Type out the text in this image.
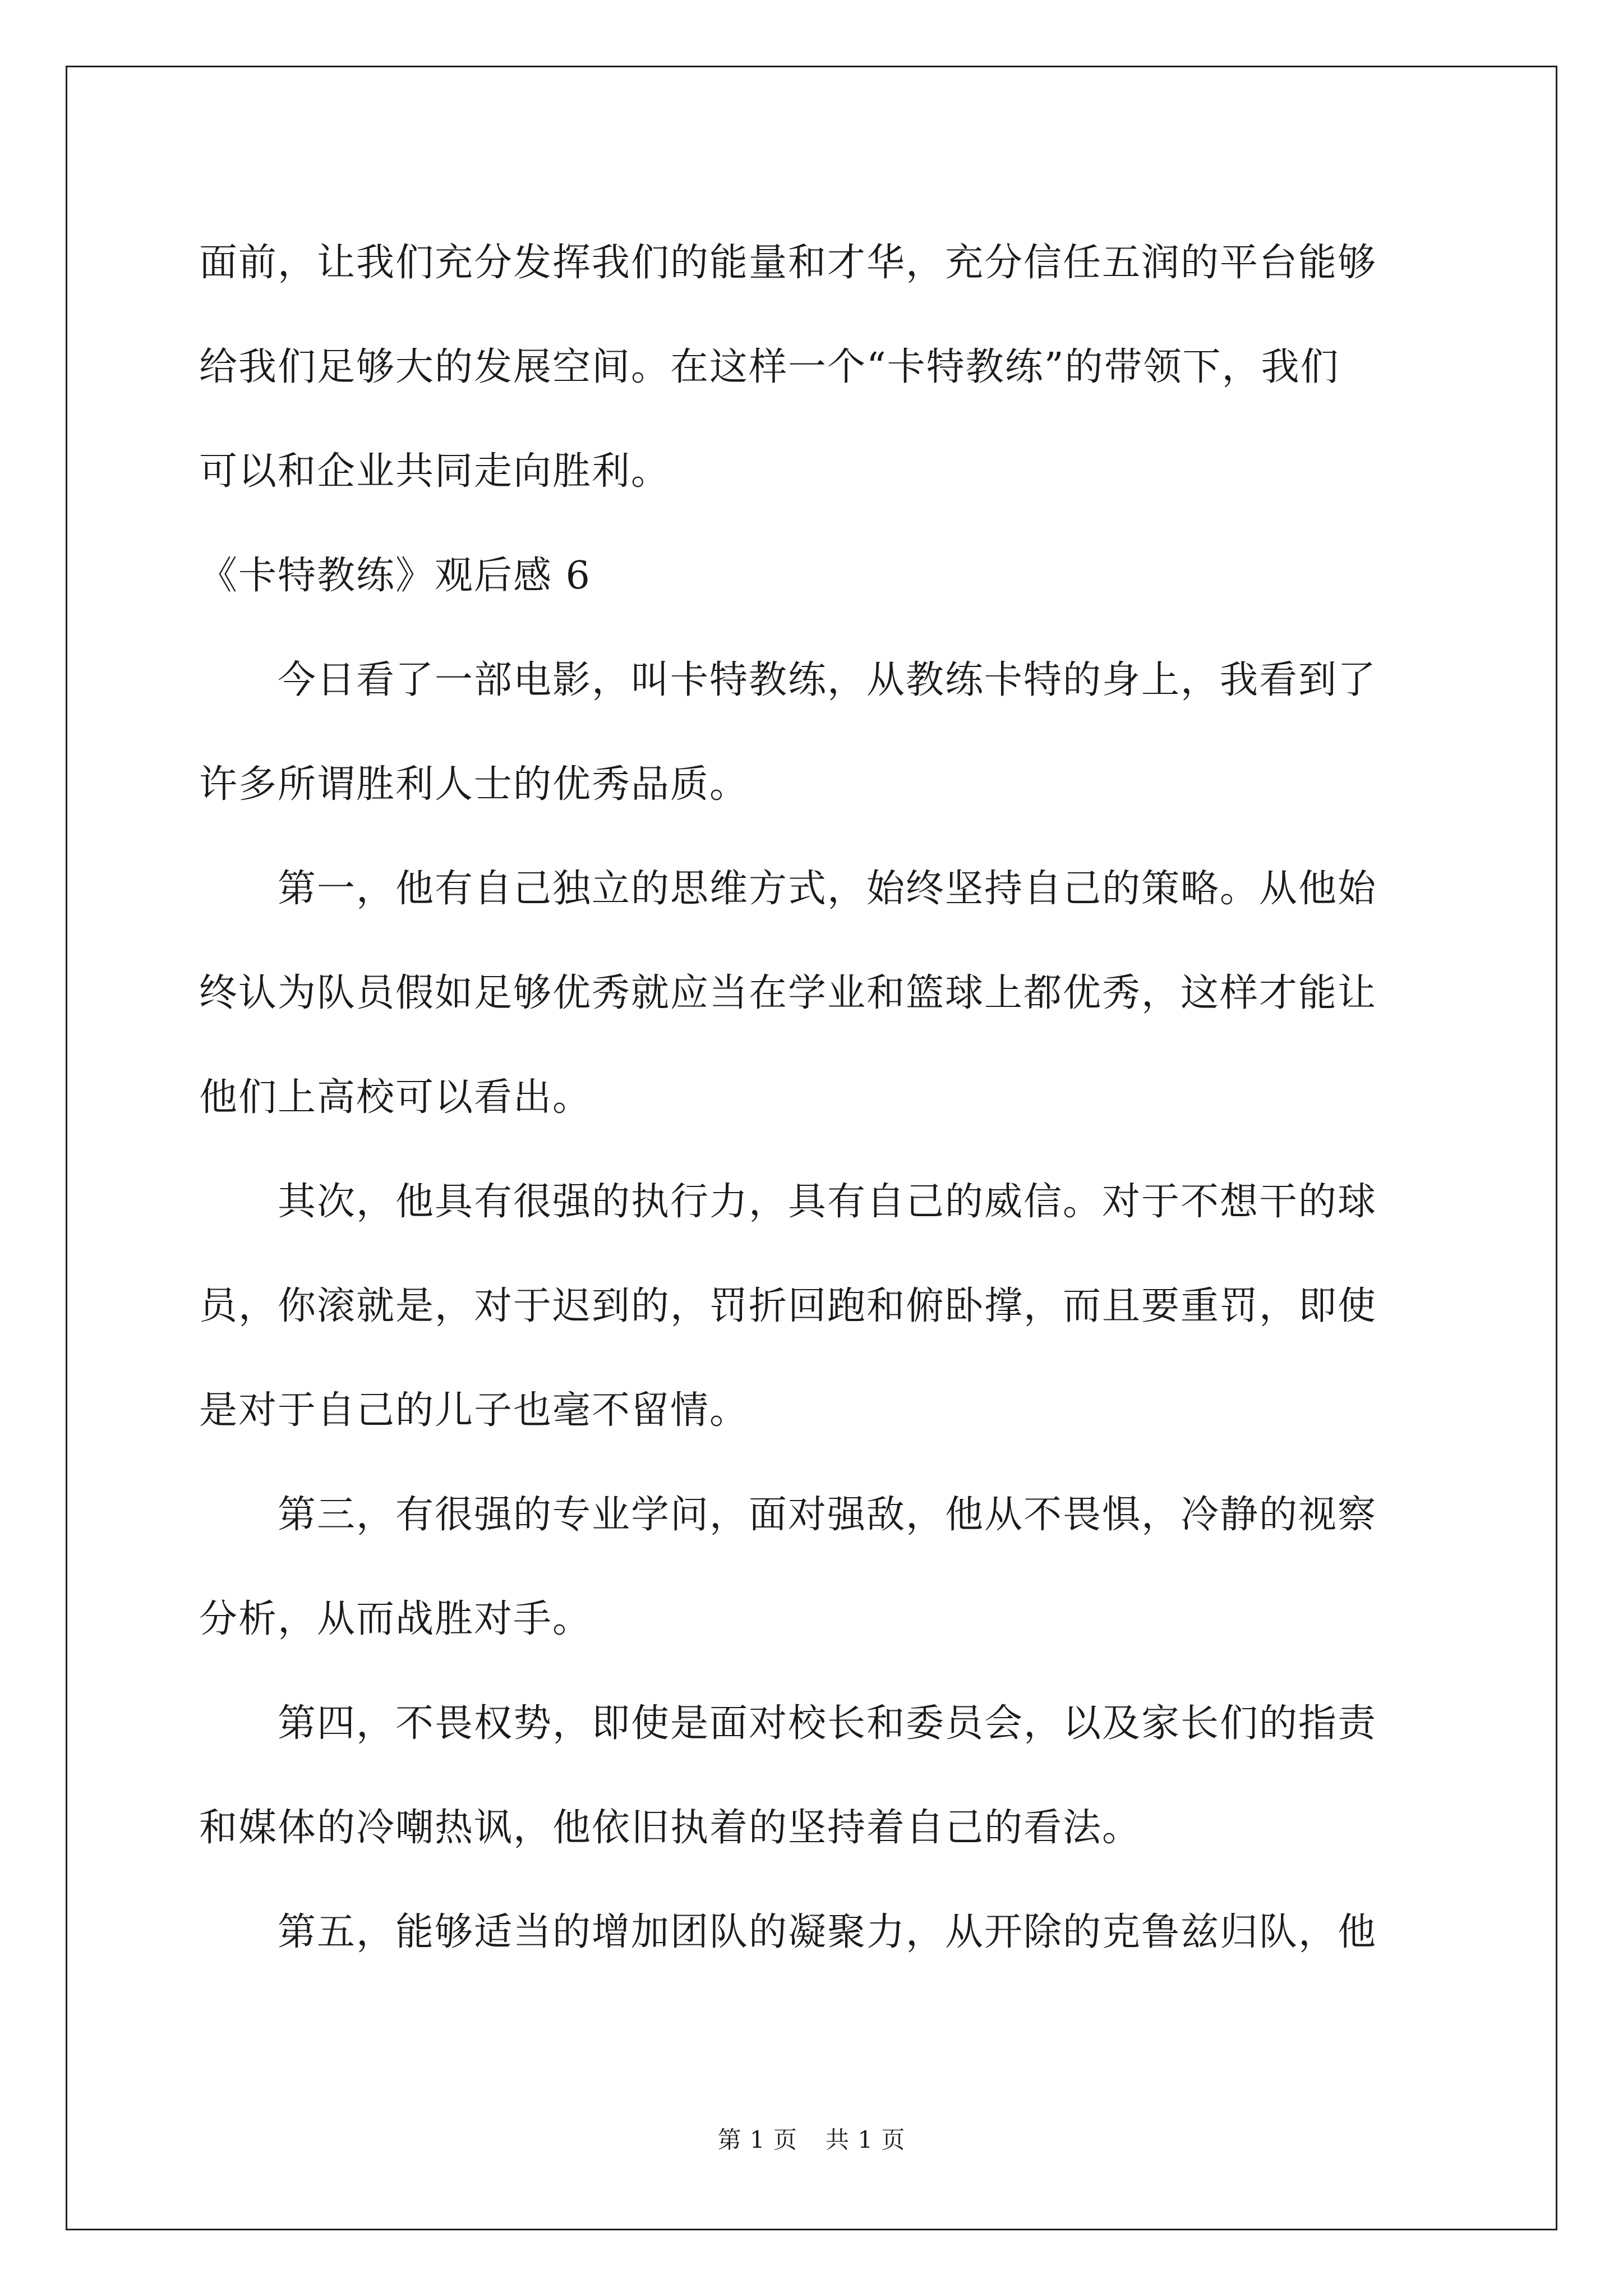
面前，让我们充分发挥我们的能量和才华，充分信任五润的平台能够
给我们足够大的发展空间。在这样一个“卡特教练”的带领下，我们
可以和企业共同走向胜利。
《卡特教练》观后感 6
今日看了一部电影，叫卡特教练，从教练卡特的身上，我看到了
许多所谓胜利人士的优秀品质。
第一，他有自己独立的思维方式，始终坚持自己的策略。从他始
终认为队员假如足够优秀就应当在学业和篮球上都优秀，这样才能让
他们上高校可以看出。
其次，他具有很强的执行力，具有自己的威信。对于不想干的球
员，你滚就是，对于迟到的，罚折回跑和俯卧撑，而且要重罚，即使
是对于自己的儿子也毫不留情。
第三，有很强的专业学问，面对强敌，他从不畏惧，冷静的视察
分析，从而战胜对手。
第四，不畏权势，即使是面对校长和委员会，以及家长们的指责
和媒体的冷嘲热讽，他依旧执着的坚持着自己的看法。
第五，能够适当的增加团队的凝聚力，从开除的克鲁兹归队，他
第 1 页 共 1 页
